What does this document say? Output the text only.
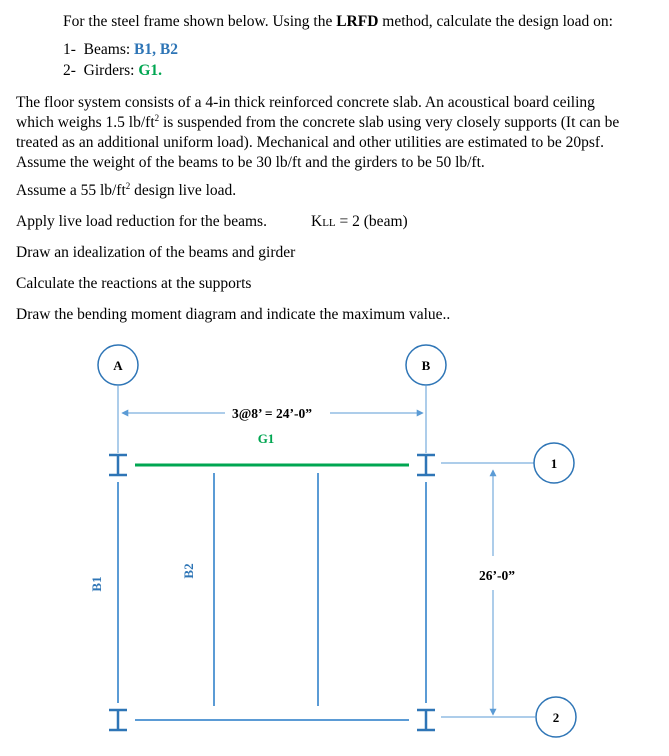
For the steel frame shown below. Using the LRFD method, calculate the design load on:
1- Beams: B1, B2
2- Girders: G1.
The floor system consists of a 4-in thick reinforced concrete slab. An acoustical board ceiling
which weighs 1.5 $lb/ft^2$ is suspended from the concrete slab using very closely supports (It can be
treated as an additional uniform load). Mechanical and other utilities are estimated to be 20psf.
Assume the weight of the beams to be 30 lb/ft and the girders to be 50 lb/ft.
Assume a 55 $lb/ft^2$ design live load.
Apply live load reduction for the beams.	KLL = 2 (beam)
Draw an idealization of the beams and girder
Calculate the reactions at the supports
Draw the bending moment diagram and indicate the maximum value..
A	B
3@8’ = 24’-0”
G1
B1
B2
1
2
26’-0”
